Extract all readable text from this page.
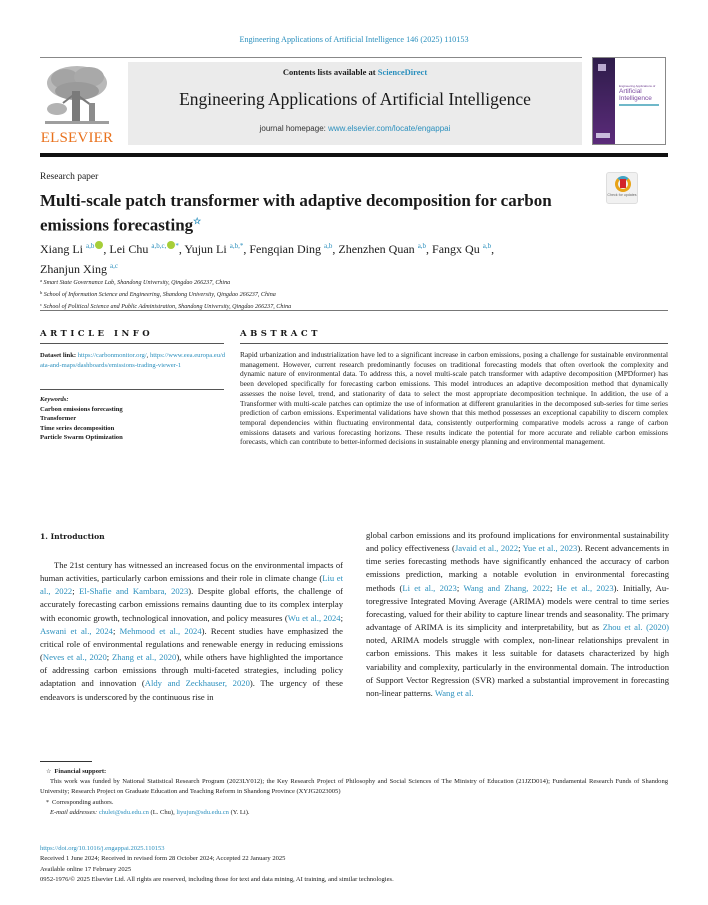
Engineering Applications of Artificial Intelligence 146 (2025) 110153
ELSEVIER
Contents lists available at ScienceDirect
Engineering Applications of Artificial Intelligence
journal homepage: www.elsevier.com/locate/engappai
Engineering Applications of
Artificial
Intelligence
Research paper
Check for updates
Multi-scale patch transformer with adaptive decomposition for carbon emissions forecasting☆
Xiang Li $^{a,b}$ , Lei Chu $^{a,b,c,}$ *, Yujun Li $^{a,b,*}$, Fengqian Ding $^{a,b}$, Zhenzhen Quan $^{a,b}$, Fangx Qu $^{a,b}$,
Zhanjun Xing $^{a,c}$
$^a$ Smart State Governance Lab, Shandong University, Qingdao 266237, China
$^b$ School of Information Science and Engineering, Shandong University, Qingdao 266237, China
$^c$ School of Political Science and Public Administration, Shandong University, Qingdao 266237, China
ARTICLE INFO
Dataset link: https://carbonmonitor.org/, https://www.eea.europa.eu/data-and-maps/dashboards/emissions-trading-viewer-1
Keywords:
Carbon emissions forecasting
Transformer
Time series decomposition
Particle Swarm Optimization
ABSTRACT

Rapid urbanization and industrialization have led to a significant increase in carbon emissions, posing a challenge for sustainable environmental management. However, current research predominantly focuses on traditional forecasting models that often overlook the complexity and dynamic nature of environmental data. To address this, a novel multi-scale patch transformer with adaptive decomposition (MPDformer) has been developed specifically for forecasting carbon emissions. This model introduces an adaptive decomposition method that dynamically assesses the noise level, trend, and stationarity of data to select the most appropriate decomposition technique. In addition, the use of a Transformer with multi-scale patches can optimize the use of information at different granularities in the decomposed sub-series for time series prediction of carbon emissions. Experimental validations have shown that this method possesses an exceptional capability to discern complex temporal dependencies within fluctuating environmental data, consistently outperforming comparative models across a range of carbon emissions datasets and various forecasting horizons. These results indicate the potential for more accurate and reliable carbon emissions forecasts, which can contribute to better-informed decisions in sustainable energy planning and environmental management.

1. Introduction

The 21st century has witnessed an increased focus on the environmental impacts of human activities, particularly carbon emissions and their role in climate change (Liu et al., 2022; El-Shafie and Kambara, 2023). Despite global efforts, the challenge of accurately forecasting carbon emissions remains daunting due to its complex interplay with economic growth, technological innovation, and policy measures (Wu et al., 2024; Aswani et al., 2024; Mehmood et al., 2024). Recent studies have emphasized the critical role of environmental regulations and renewable energy in reducing emissions (Neves et al., 2020; Zhang et al., 2020), while others have highlighted the importance of addressing carbon emissions through multi-faceted strategies, including policy adaptation and innovation (Aldy and Zeckhauser, 2020). The urgency of these endeavors is underscored by the continuous rise in

global carbon emissions and its profound implications for environmental sustainability and policy effectiveness (Javaid et al., 2022; Yue et al., 2023). Recent advancements in time series forecasting methods have significantly enhanced the accuracy of carbon emissions prediction, marking a notable evolution in environmental forecasting methods (Li et al., 2023; Wang and Zhang, 2022; He et al., 2023). Initially, Autoregressive Integrated Moving Average (ARIMA) models were central to time series forecasting, valued for their ability to capture linear trends and seasonality. The primary advantage of ARIMA is its simplicity and interpretability, but as Zhou et al. (2020) noted, ARIMA models struggle with complex, non-linear relationships prevalent in carbon emissions. This makes it less suitable for datasets characterized by high variability and complexity, particularly in the environmental domain. The introduction of Support Vector Regression (SVR) marked a substantial improvement in forecasting non-linear patterns. Wang et al.

☆ Financial support:
This work was funded by National Statistical Research Program (2023LY012); the Key Research Project of Philosophy and Social Sciences of The Ministry of Education (21JZD014); Fundamental Research Funds of Shandong University; Research Project on Graduate Education and Teaching Reform in Shandong Province (XYJG2023005)
* Corresponding authors.
E-mail addresses: chulei@sdu.edu.cn (L. Chu), liyujun@sdu.edu.cn (Y. Li).
https://doi.org/10.1016/j.engappai.2025.110153
Received 1 June 2024; Received in revised form 28 October 2024; Accepted 22 January 2025
Available online 17 February 2025
0952-1976/© 2025 Elsevier Ltd. All rights are reserved, including those for text and data mining, AI training, and similar technologies.
